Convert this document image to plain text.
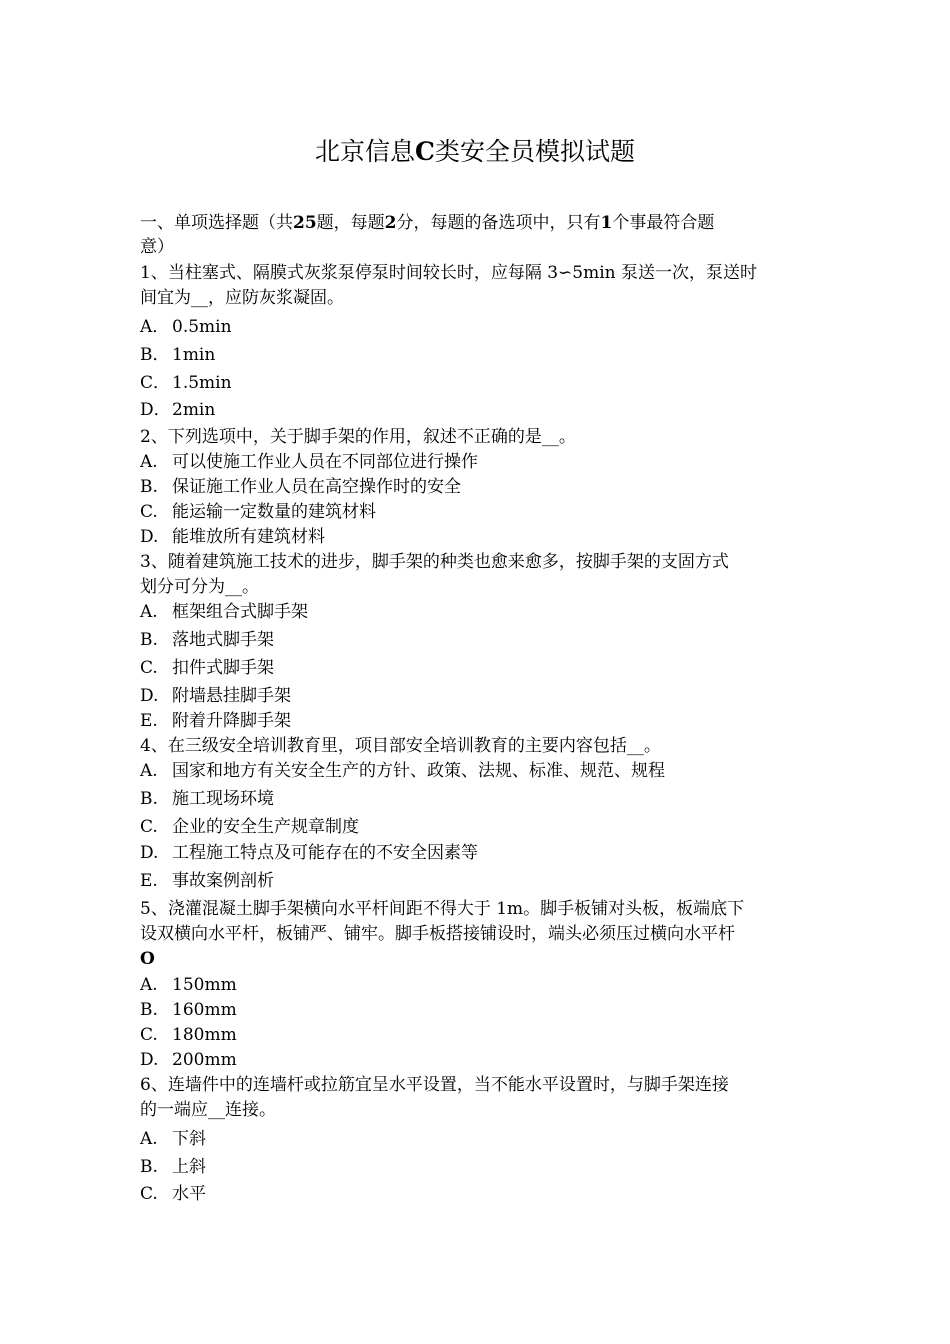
北京信息C类安全员模拟试题
一、单项选择题（共25题，每题2分，每题的备选项中，只有1个事最符合题
意）
1、当柱塞式、隔膜式灰浆泵停泵时间较长时，应每隔 3∽5min 泵送一次，泵送时
间宜为__，应防灰浆凝固。
A． 0.5min
B． 1min
C． 1.5min
D．2min
2、下列选项中，关于脚手架的作用，叙述不正确的是__。
A. 可以使施工作业人员在不同部位进行操作
B. 保证施工作业人员在高空操作时的安全
C. 能运输一定数量的建筑材料
D. 能堆放所有建筑材料
3、随着建筑施工技术的进步，脚手架的种类也愈来愈多，按脚手架的支固方式
划分可分为__。
A. 框架组合式脚手架
B. 落地式脚手架
C. 扣件式脚手架
D. 附墙悬挂脚手架
E. 附着升降脚手架
4、在三级安全培训教育里，项目部安全培训教育的主要内容包括__。
A. 国家和地方有关安全生产的方针、政策、法规、标准、规范、规程
B. 施工现场环境
C. 企业的安全生产规章制度
D. 工程施工特点及可能存在的不安全因素等
E. 事故案例剖析
5、浇灌混凝土脚手架横向水平杆间距不得大于 1m。脚手板铺对头板，板端底下
设双横向水平杆，板铺严、铺牢。脚手板搭接铺设时，端头必须压过横向水平杆
O
A. 150mm
B. 160mm
C. 180mm
D. 200mm
6、连墙件中的连墙杆或拉筋宜呈水平设置，当不能水平设置时，与脚手架连接
的一端应__连接。
A. 下斜
B. 上斜
C. 水平
